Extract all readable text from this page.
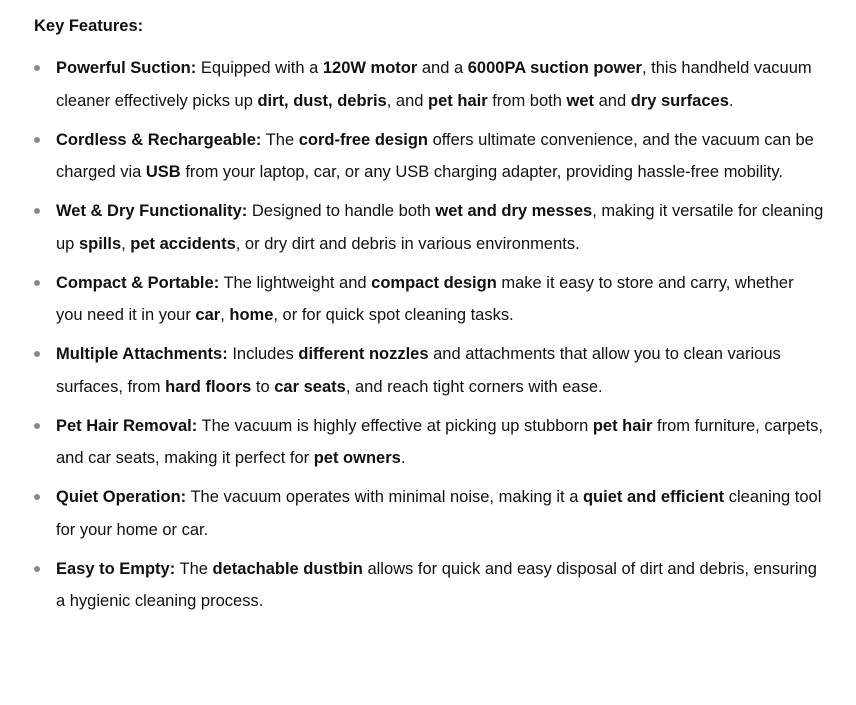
Key Features:
Powerful Suction: Equipped with a 120W motor and a 6000PA suction power, this handheld vacuum cleaner effectively picks up dirt, dust, debris, and pet hair from both wet and dry surfaces.
Cordless & Rechargeable: The cord-free design offers ultimate convenience, and the vacuum can be charged via USB from your laptop, car, or any USB charging adapter, providing hassle-free mobility.
Wet & Dry Functionality: Designed to handle both wet and dry messes, making it versatile for cleaning up spills, pet accidents, or dry dirt and debris in various environments.
Compact & Portable: The lightweight and compact design make it easy to store and carry, whether you need it in your car, home, or for quick spot cleaning tasks.
Multiple Attachments: Includes different nozzles and attachments that allow you to clean various surfaces, from hard floors to car seats, and reach tight corners with ease.
Pet Hair Removal: The vacuum is highly effective at picking up stubborn pet hair from furniture, carpets, and car seats, making it perfect for pet owners.
Quiet Operation: The vacuum operates with minimal noise, making it a quiet and efficient cleaning tool for your home or car.
Easy to Empty: The detachable dustbin allows for quick and easy disposal of dirt and debris, ensuring a hygienic cleaning process.
